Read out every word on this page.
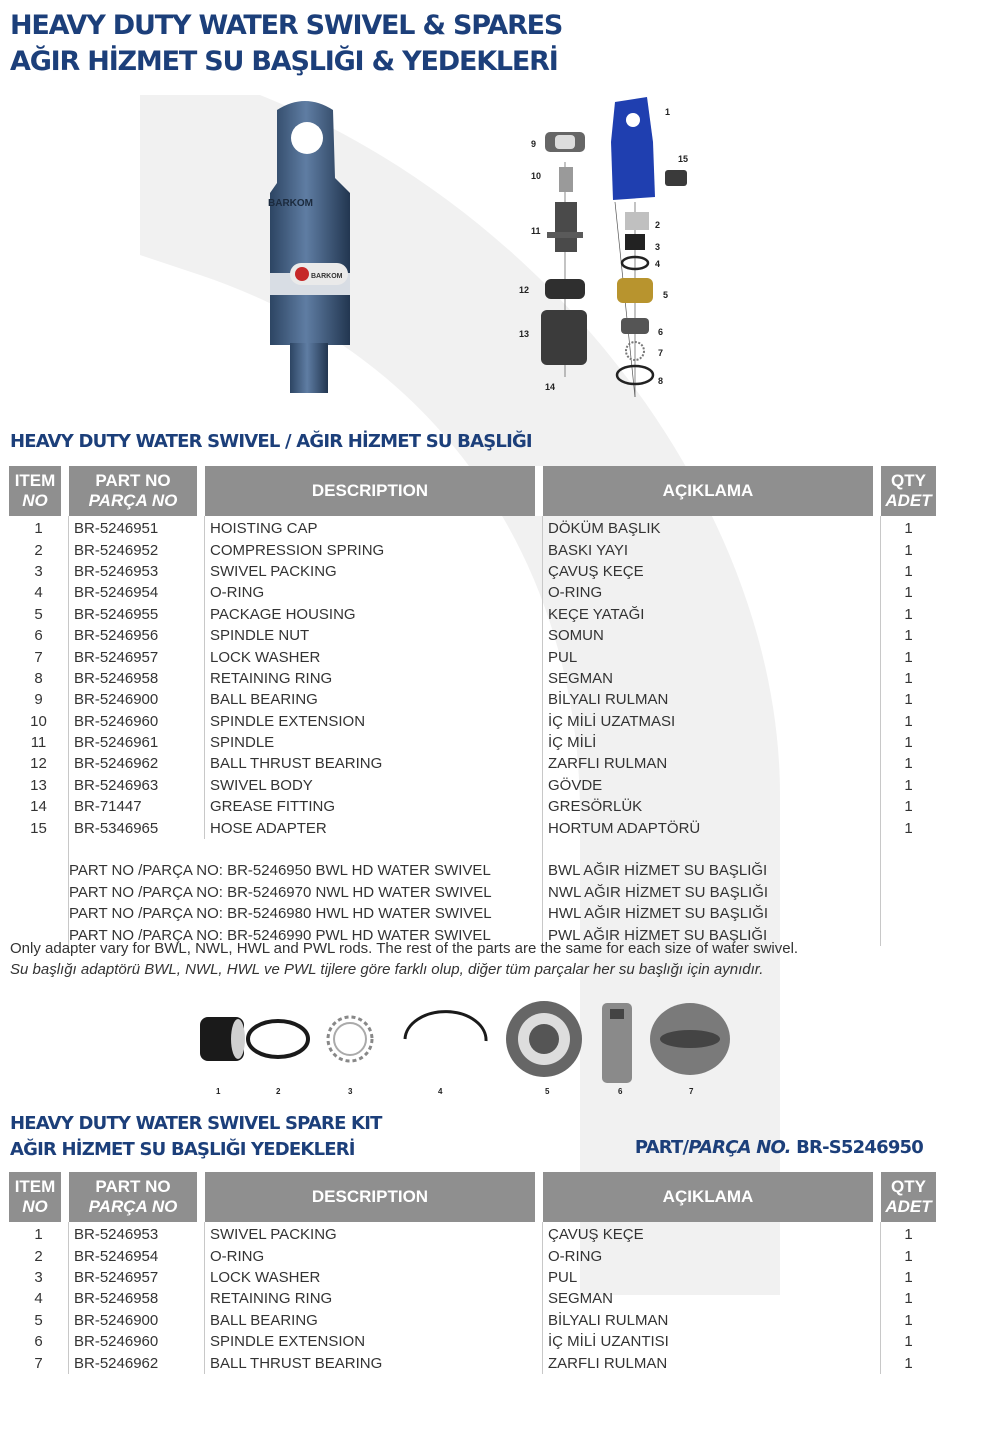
HEAVY DUTY WATER SWIVEL & SPARES
AĞIR HİZMET SU BAŞLIĞI & YEDEKLERİ
BARKOM
BARKOM
1
2
3
4
5
6
7
8
9
10
11
12
13
14
15
HEAVY DUTY WATER SWIVEL / AĞIR HİZMET SU BAŞLIĞI
ITEM
NO	PART NO
PARÇA NO	DESCRIPTION	AÇIKLAMA	QTY
ADET

1	BR-5246951	HOISTING CAP	DÖKÜM BAŞLIK	1
2	BR-5246952	COMPRESSION SPRING	BASKI YAYI	1
3	BR-5246953	SWIVEL PACKING	ÇAVUŞ KEÇE	1
4	BR-5246954	O-RING	O-RING	1
5	BR-5246955	PACKAGE HOUSING	KEÇE YATAĞI	1
6	BR-5246956	SPINDLE NUT	SOMUN	1
7	BR-5246957	LOCK WASHER	PUL	1
8	BR-5246958	RETAINING RING	SEGMAN	1
9	BR-5246900	BALL BEARING	BİLYALI RULMAN	1
10	BR-5246960	SPINDLE EXTENSION	İÇ MİLİ UZATMASI	1
11	BR-5246961	SPINDLE	İÇ MİLİ	1
12	BR-5246962	BALL THRUST BEARING	ZARFLI RULMAN	1
13	BR-5246963	SWIVEL BODY	GÖVDE	1
14	BR-71447	GREASE FITTING	GRESÖRLÜK	1
15	BR-5346965	HOSE ADAPTER	HORTUM ADAPTÖRÜ	1

	PART NO /PARÇA NO: BR-5246950 BWL HD WATER SWIVEL		BWL AĞIR HİZMET SU BAŞLIĞI	
	PART NO /PARÇA NO: BR-5246970 NWL HD WATER SWIVEL		NWL AĞIR HİZMET SU BAŞLIĞI	
	PART NO /PARÇA NO: BR-5246980 HWL HD WATER SWIVEL		HWL AĞIR HİZMET SU BAŞLIĞI	
	PART NO /PARÇA NO: BR-5246990 PWL HD WATER SWIVEL		PWL AĞIR HİZMET SU BAŞLIĞI	
Only adapter vary for BWL, NWL, HWL and PWL rods. The rest of the parts are the same for each size of water swivel.
Su başlığı adaptörü BWL, NWL, HWL ve PWL tijlere göre farklı olup, diğer tüm parçalar her su başlığı için aynıdır.
1	2	3	4	5	6	7
HEAVY DUTY WATER SWIVEL SPARE KIT
AĞIR HİZMET SU BAŞLIĞI YEDEKLERİ	PART/PARÇA NO. BR-S5246950
ITEM
NO	PART NO
PARÇA NO	DESCRIPTION	AÇIKLAMA	QTY
ADET

1	BR-5246953	SWIVEL PACKING	ÇAVUŞ KEÇE	1
2	BR-5246954	O-RING	O-RING	1
3	BR-5246957	LOCK WASHER	PUL	1
4	BR-5246958	RETAINING RING	SEGMAN	1
5	BR-5246900	BALL BEARING	BİLYALI RULMAN	1
6	BR-5246960	SPINDLE EXTENSION	İÇ MİLİ UZANTISI	1
7	BR-5246962	BALL THRUST BEARING	ZARFLI RULMAN	1
